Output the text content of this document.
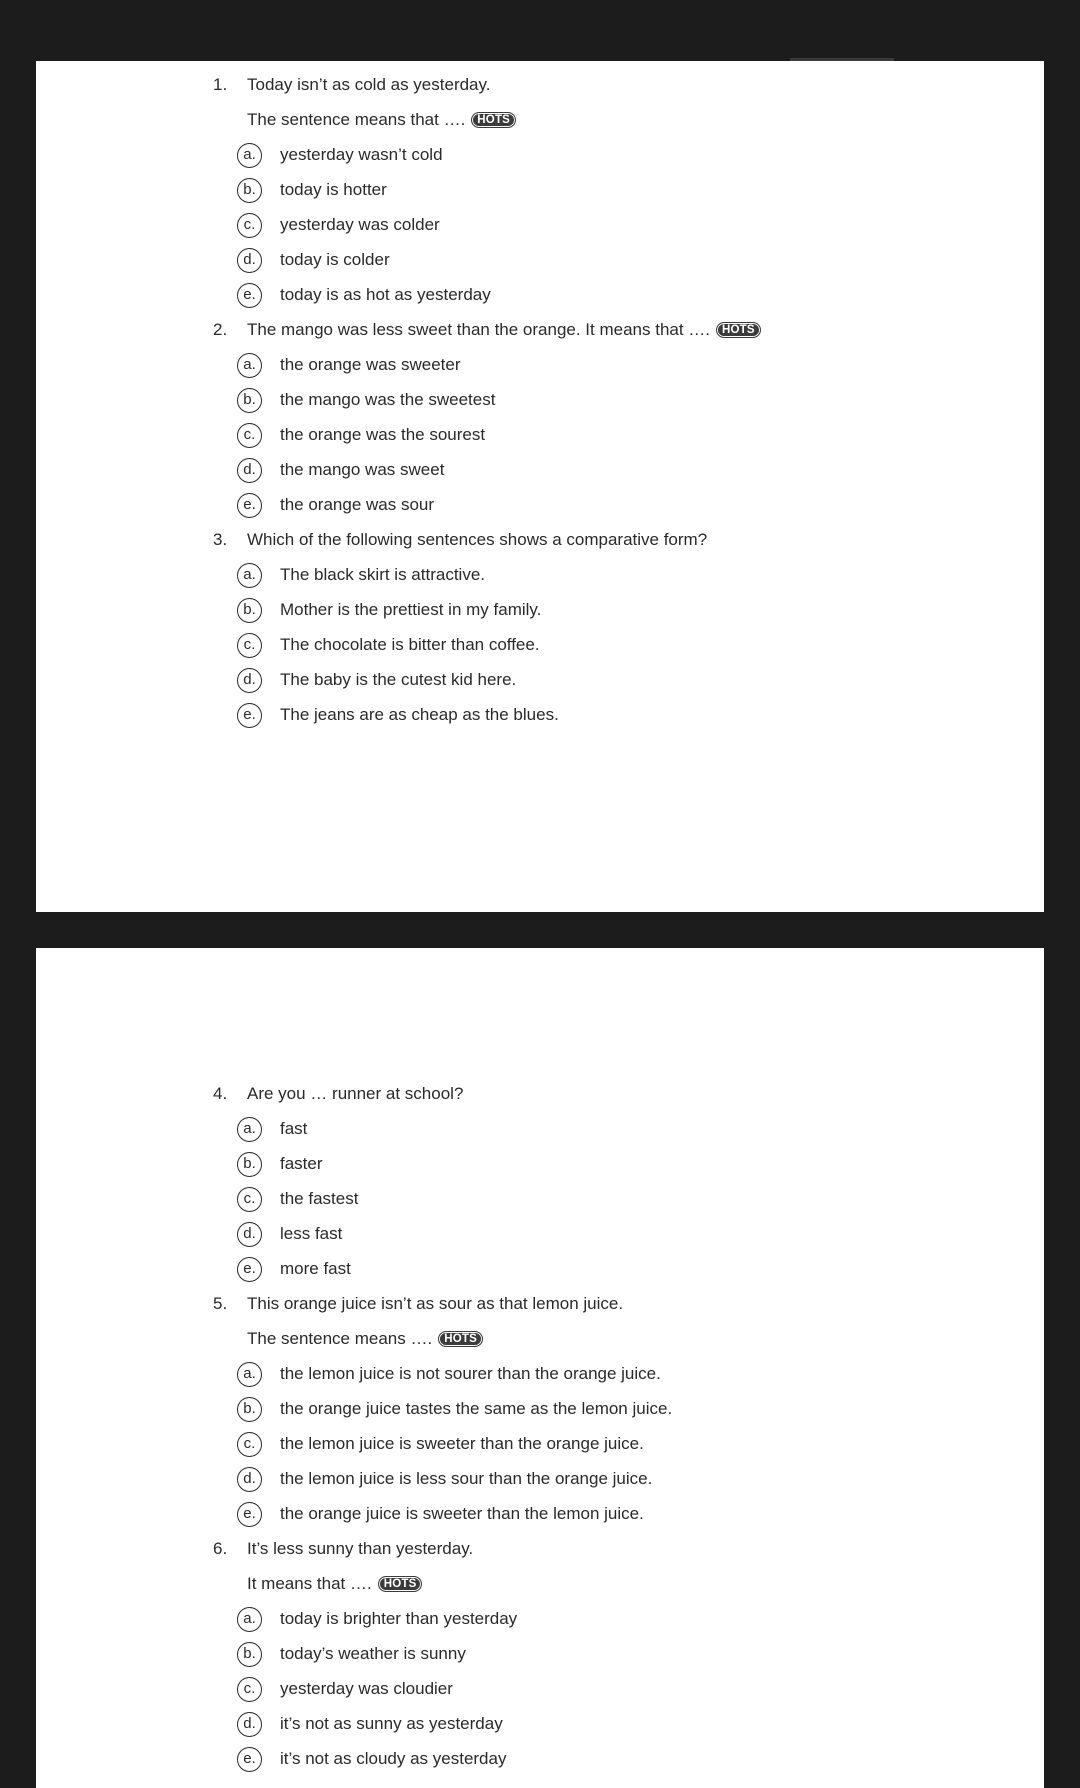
1.	Today isn’t as cold as yesterday.
The sentence means that …. HOTS
a.	yesterday wasn’t cold
b.	today is hotter
c.	yesterday was colder
d.	today is colder
e.	today is as hot as yesterday
2.	The mango was less sweet than the orange. It means that …. HOTS
a.	the orange was sweeter
b.	the mango was the sweetest
c.	the orange was the sourest
d.	the mango was sweet
e.	the orange was sour
3.	Which of the following sentences shows a comparative form?
a.	The black skirt is attractive.
b.	Mother is the prettiest in my family.
c.	The chocolate is bitter than coffee.
d.	The baby is the cutest kid here.
e.	The jeans are as cheap as the blues.
4.	Are you … runner at school?
a.	fast
b.	faster
c.	the fastest
d.	less fast
e.	more fast
5.	This orange juice isn’t as sour as that lemon juice.
The sentence means …. HOTS
a.	the lemon juice is not sourer than the orange juice.
b.	the orange juice tastes the same as the lemon juice.
c.	the lemon juice is sweeter than the orange juice.
d.	the lemon juice is less sour than the orange juice.
e.	the orange juice is sweeter than the lemon juice.
6.	It’s less sunny than yesterday.
It means that …. HOTS
a.	today is brighter than yesterday
b.	today’s weather is sunny
c.	yesterday was cloudier
d.	it’s not as sunny as yesterday
e.	it’s not as cloudy as yesterday
